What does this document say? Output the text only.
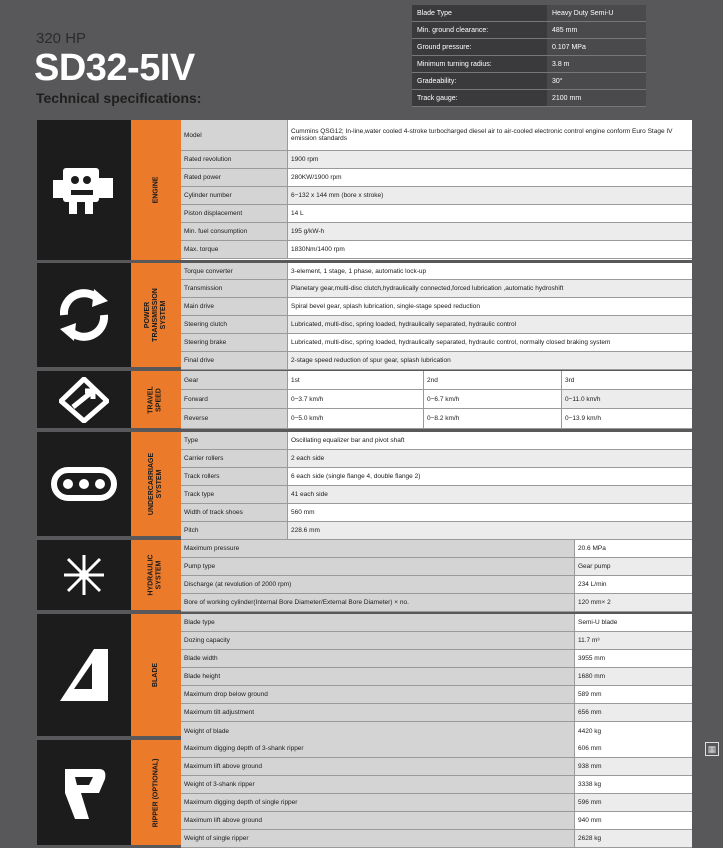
320 HP
SD32-5IV
Technical specifications:
Blade Type	Heavy Duty Semi-U
Min. ground clearance:	485 mm
Ground pressure:	0.107 MPa
Minimum turning radius:	3.8 m
Gradeability:	30°
Track gauge:	2100 mm
ENGINE
Model	Cummins QSG12; In-line,water cooled 4-stroke turbocharged diesel air to air-cooled electronic control engine conform Euro Stage IV emission standards
Rated revolution	1900 rpm
Rated power	280KW/1900 rpm
Cylinder number	6−132 x 144 mm (bore x stroke)
Piston displacement	14 L
Min. fuel consumption	195 g/kW-h
Max. torque	1830Nm/1400 rpm
POWER
TRANSMISSION
SYSTEM
Torque converter	3-element, 1 stage, 1 phase, automatic lock-up
Transmission	Planetary gear,multi-disc clutch,hydraulically connected,forced lubrication ,automatic hydroshift
Main drive	Spiral bevel gear, splash lubrication, single-stage speed reduction
Steering clutch	Lubricated, multi-disc, spring loaded, hydraulically separated, hydraulic control
Steering brake	Lubricated, multi-disc, spring loaded, hydraulically separated, hydraulic control, normally closed braking system
Final drive	2-stage speed reduction of spur gear, splash lubrication
TRAVEL
SPEED
Gear	1st	2nd	3rd
Forward	0−3.7 km/h	0−6.7 km/h	0−11.0 km/h
Reverse	0−5.0 km/h	0−8.2 km/h	0−13.9 km/h
UNDERCARRIAGE
SYSTEM
Type	Oscillating equalizer bar and pivot shaft
Carrier rollers	2 each side
Track rollers	6 each side (single flange 4, double flange 2)
Track type	41 each side
Width of track shoes	560 mm
Pitch	228.6 mm
HYDRAULIC
SYSTEM
Maximum pressure	20.6 MPa
Pump type	Gear pump
Discharge (at revolution of 2000 rpm)	234 L/min
Bore of working cylinder(Internal Bore Diameter/External Bore Diameter) × no.	120 mm× 2
BLADE
Blade type	Semi-U blade
Dozing capacity	11.7 m³
Blade width	3955 mm
Blade height	1680 mm
Maximum drop below ground	589 mm
Maximum tilt adjustment	656 mm
Weight of blade	4420 kg
RIPPER (OPTIONAL)
Maximum digging depth of 3-shank ripper	606 mm
Maximum lift above ground	938 mm
Weight of 3-shank ripper	3338 kg
Maximum digging depth of single ripper	596 mm
Maximum lift above ground	940 mm
Weight of single ripper	2628 kg
▦
